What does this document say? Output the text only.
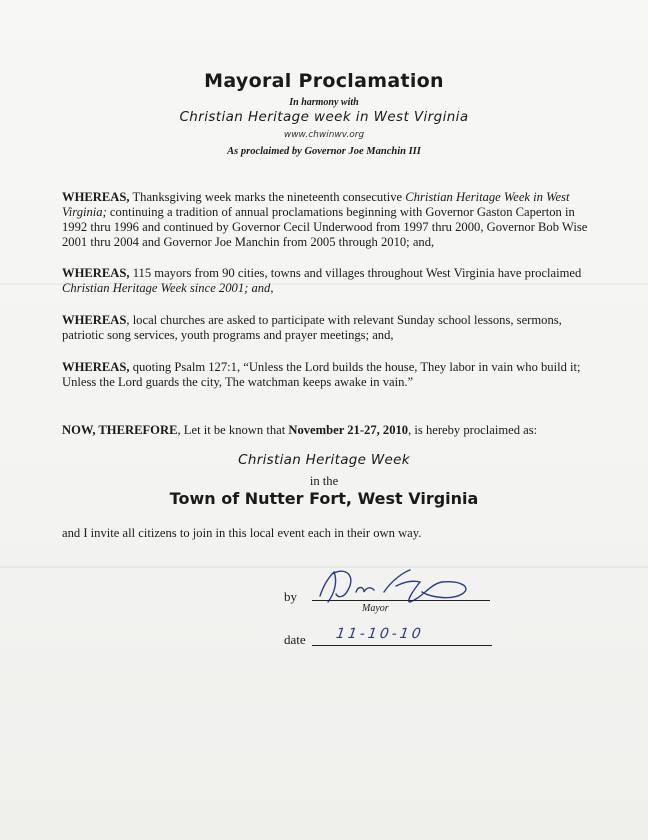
Mayoral Proclamation
In harmony with
Christian Heritage week in West Virginia
www.chwinwv.org
As proclaimed by Governor Joe Manchin III
WHEREAS, Thanksgiving week marks the nineteenth consecutive Christian Heritage Week in West Virginia; continuing a tradition of annual proclamations beginning with Governor Gaston Caperton in 1992 thru 1996 and continued by Governor Cecil Underwood from 1997 thru 2000, Governor Bob Wise 2001 thru 2004 and Governor Joe Manchin from 2005 through 2010; and,
WHEREAS, 115 mayors from 90 cities, towns and villages throughout West Virginia have proclaimed Christian Heritage Week since 2001; and,
WHEREAS, local churches are asked to participate with relevant Sunday school lessons, sermons, patriotic song services, youth programs and prayer meetings; and,
WHEREAS, quoting Psalm 127:1, “Unless the Lord builds the house, They labor in vain who build it; Unless the Lord guards the city, The watchman keeps awake in vain.”
NOW, THEREFORE, Let it be known that November 21-27, 2010, is hereby proclaimed as:
Christian Heritage Week
in the
Town of Nutter Fort, West Virginia
and I invite all citizens to join in this local event each in their own way.
by
Mayor
date 11-10-10
